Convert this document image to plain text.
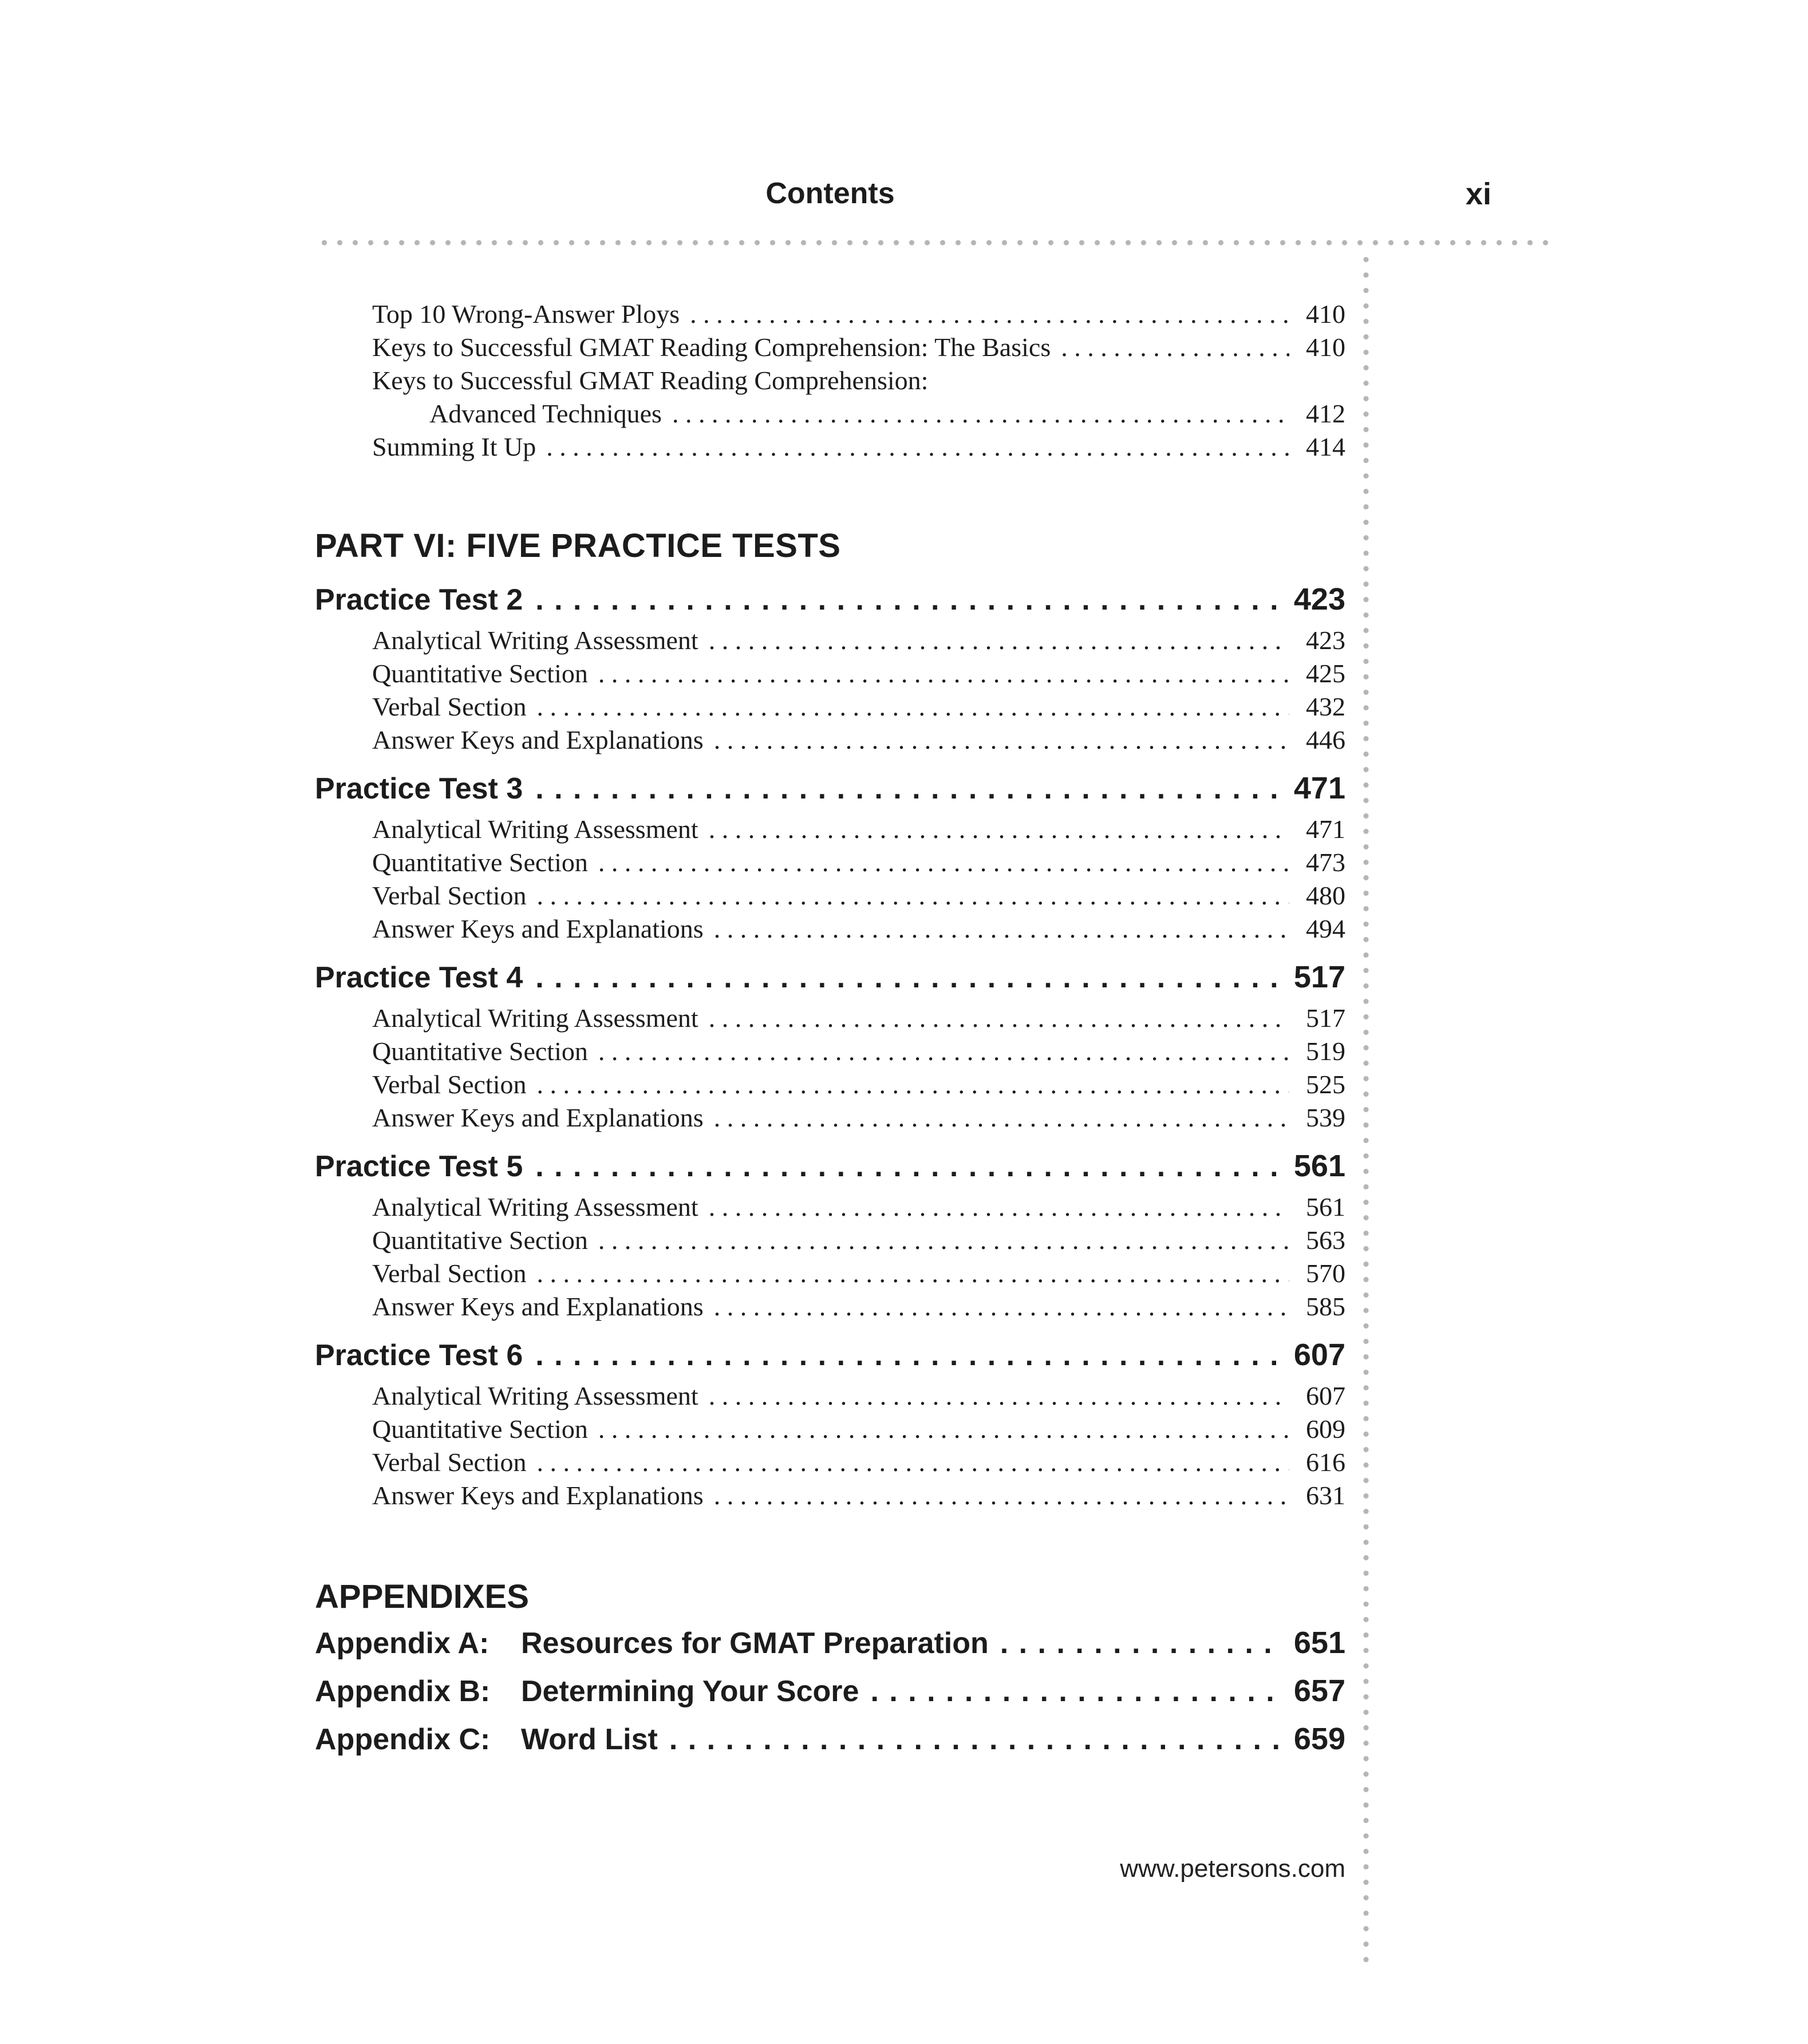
Contents	xi
Top 10 Wrong-Answer Ploys . . .	410
Keys to Successful GMAT Reading Comprehension: The Basics . . .	410
Keys to Successful GMAT Reading Comprehension:
Advanced Techniques . . .	412
Summing It Up . . .	414
PART VI: FIVE PRACTICE TESTS
Practice Test 2 . . .	423
Analytical Writing Assessment . . .	423
Quantitative Section . . .	425
Verbal Section . . .	432
Answer Keys and Explanations . . .	446
Practice Test 3 . . .	471
Analytical Writing Assessment . . .	471
Quantitative Section . . .	473
Verbal Section . . .	480
Answer Keys and Explanations . . .	494
Practice Test 4 . . .	517
Analytical Writing Assessment . . .	517
Quantitative Section . . .	519
Verbal Section . . .	525
Answer Keys and Explanations . . .	539
Practice Test 5 . . .	561
Analytical Writing Assessment . . .	561
Quantitative Section . . .	563
Verbal Section . . .	570
Answer Keys and Explanations . . .	585
Practice Test 6 . . .	607
Analytical Writing Assessment . . .	607
Quantitative Section . . .	609
Verbal Section . . .	616
Answer Keys and Explanations . . .	631
APPENDIXES
Appendix A: Resources for GMAT Preparation . . .	651
Appendix B: Determining Your Score . . .	657
Appendix C: Word List . . .	659
www.petersons.com
